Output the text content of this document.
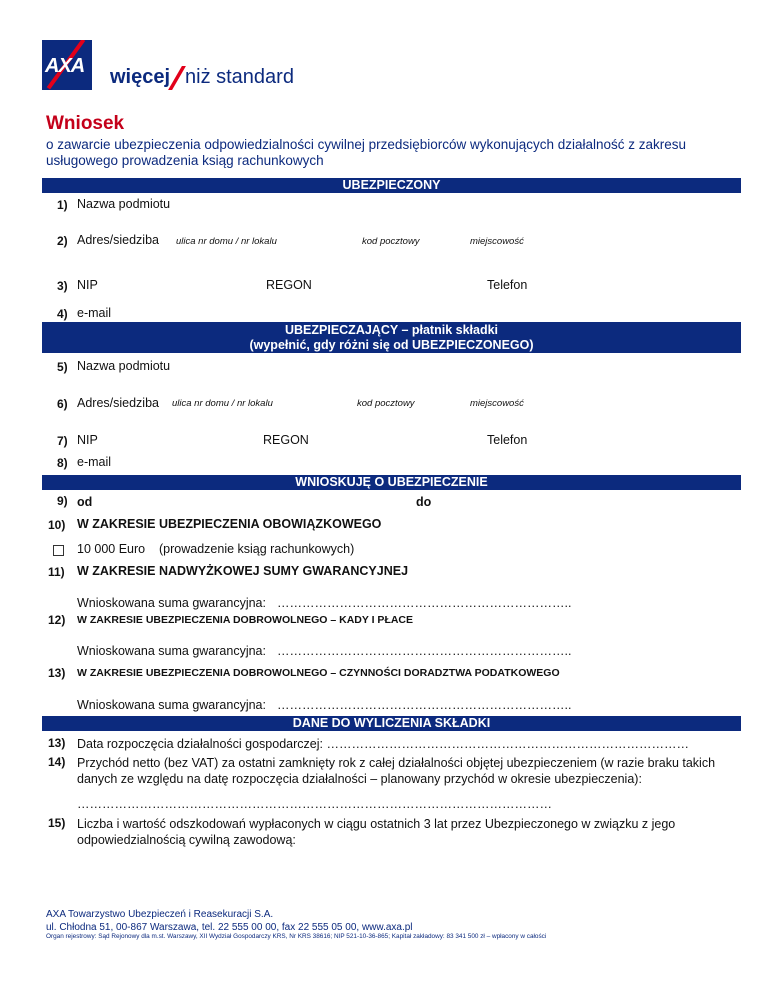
AXA więcej niż standard
Wniosek
o zawarcie ubezpieczenia odpowiedzialności cywilnej przedsiębiorców wykonujących działalność z zakresu usługowego prowadzenia ksiąg rachunkowych
UBEZPIECZONY
1) Nazwa podmiotu
2) Adres/siedziba ulica nr domu / nr lokalu	kod pocztowy	miejscowość
3) NIP	REGON	Telefon
4) e-mail
UBEZPIECZAJĄCY – płatnik składki
(wypełnić, gdy różni się od UBEZPIECZONEGO)
5) Nazwa podmiotu
6) Adres/siedziba ulica nr domu / nr lokalu	kod pocztowy	miejscowość
7) NIP	REGON	Telefon
8) e-mail
WNIOSKUJĘ O UBEZPIECZENIE
9) od	do
10) W ZAKRESIE UBEZPIECZENIA OBOWIĄZKOWEGO
10 000 Euro (prowadzenie ksiąg rachunkowych)
11) W ZAKRESIE NADWYŻKOWEJ SUMY GWARANCYJNEJ
Wnioskowana suma gwarancyjna: ……………………………………………………………..
12) W ZAKRESIE UBEZPIECZENIA DOBROWOLNEGO – KADY I PŁACE
Wnioskowana suma gwarancyjna: ……………………………………………………………..
13) W ZAKRESIE UBEZPIECZENIA DOBROWOLNEGO – CZYNNOŚCI DORADZTWA PODATKOWEGO
Wnioskowana suma gwarancyjna: ……………………………………………………………..
DANE DO WYLICZENIA SKŁADKI
13) Data rozpoczęcia działalności gospodarczej: ……………………………………………………………………………
14) Przychód netto (bez VAT) za ostatni zamknięty rok z całej działalności objętej ubezpieczeniem (w razie braku takich danych ze względu na datę rozpoczęcia działalności – planowany przychód w okresie ubezpieczenia):
……………………………………………………………………………………………………
15) Liczba i wartość odszkodowań wypłaconych w ciągu ostatnich 3 lat przez Ubezpieczonego w związku z jego odpowiedzialnością cywilną zawodową:
AXA Towarzystwo Ubezpieczeń i Reasekuracji S.A.
ul. Chłodna 51, 00-867 Warszawa, tel. 22 555 00 00, fax 22 555 05 00, www.axa.pl
Organ rejestrowy: Sąd Rejonowy dla m.st. Warszawy, XII Wydział Gospodarczy KRS, Nr KRS 38616; NIP 521-10-36-865; Kapitał zakładowy: 83 341 500 zł – wpłacony w całości
